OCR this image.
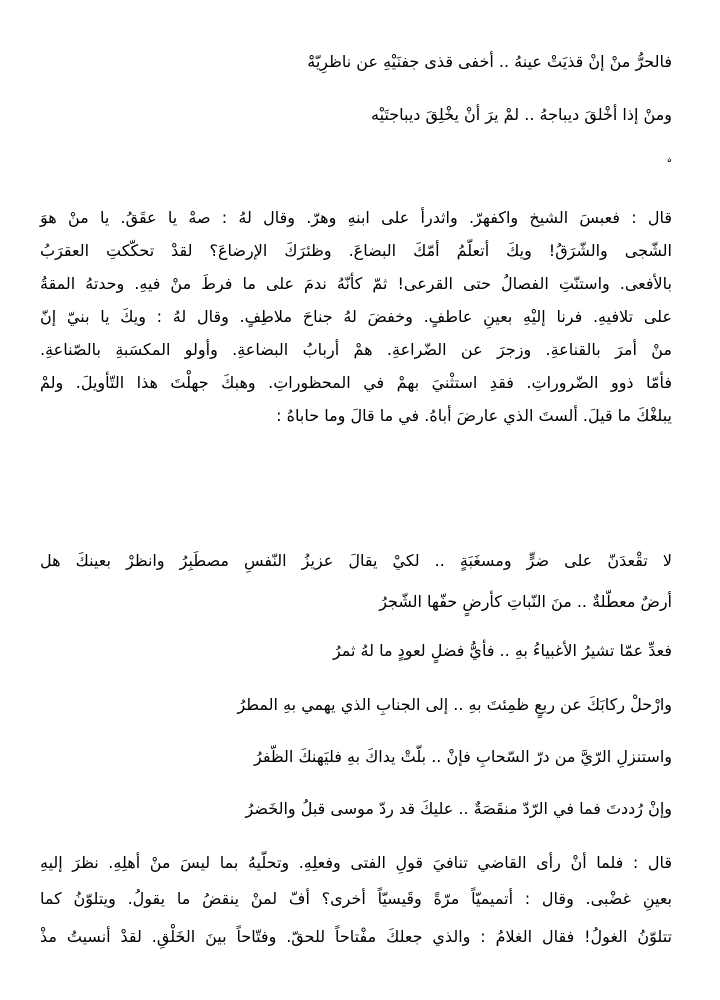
فالحرُّ منْ إنْ قذيَتْ عينهُ .. أخفى قذى جفنَيْهِ عن ناظرِيّهْ
ومنْ إذا أخْلقَ ديباجهُ .. لمْ يرَ أنْ يخْلِقَ ديباجتَيْه
قال : فعبسَ الشيخ واكفهرّ. واثدرأ على ابنهِ وهرّ. وقال لهُ : صهْ يا عقَقُ. يا منْ هوَ
الشّجى والشّرَقُ! ويكَ أتعلّمُ أمّكَ البضاعَ. وظئرَكَ الإرضاعَ؟ لقدْ تحكّكتِ العقرَبُ
بالأفعى. واستنّتِ الفصالُ حتى القرعى! ثمّ كأنّهُ ندمَ على ما فرطَ منْ فيهِ. وحدتهُ المقةُ
على تلافيهِ. فرنا إليْهِ بعينِ عاطفٍ. وخفضَ لهُ جناحَ ملاطِفٍ. وقال لهُ : ويكَ يا بنيّ إنّ
منْ أمرَ بالقناعةِ. وزجرَ عن الضّراعةِ. همْ أربابُ البضاعةِ. وأولو المكسَبةِ بالصّناعةِ.
فأمّا ذوو الضّروراتِ. فقدِ استثْنيَ بهمْ في المحظوراتِ. وهبكَ جهلْتَ هذا التّأويلَ. ولمْ
يبلغْكَ ما قيلَ. ألستَ الذي عارضَ أباهُ. في ما قالَ وما حاباهُ :
لا تقْعدَنّ على ضرٍّ ومسغَبَةٍ .. لكيْ يقالَ عزيزُ النّفسِ مصطَبِرُ وانظرْ بعينكَ هل
أرضٌ معطّلةٌ .. منَ النّباتِ كأرضٍ حفّها الشّجرُ
فعدِّ عمّا تشيرُ الأغبياءُ بهِ .. فأيُّ فضلٍ لعودٍ ما لهُ ثمرُ
وارْحلْ ركابَكَ عن ربعٍ ظمِئتَ بهِ .. إلى الجنابِ الذي يهمي بهِ المطرُ
واستنزلِ الرّيَّ من درّ السّحابِ فإنْ .. بلّتْ يداكَ بهِ فليَهنكَ الظّفرُ
وإنْ رُددتَ فما في الرّدّ منقَصَةٌ .. عليكَ قد ردّ موسى قبلُ والخَضرُ
قال : فلما أنْ رأى القاضي تنافيَ قولِ الفتى وفعلِهِ. وتحلّيهُ بما ليسَ منْ أهلِهِ. نظرَ إليهِ
بعينِ غضْبى. وقال : أتميميّاً مرّةً وقَيسيّاً أخرى؟ أفّ لمنْ ينقضُ ما يقولُ. ويتلوّنُ كما
تتلوّنُ الغولُ! فقال الغلامُ : والذي جعلكَ مفْتاحاً للحقّ. وفتّاحاً بينَ الخَلْقِ. لقدْ أنسيتُ مذْ
